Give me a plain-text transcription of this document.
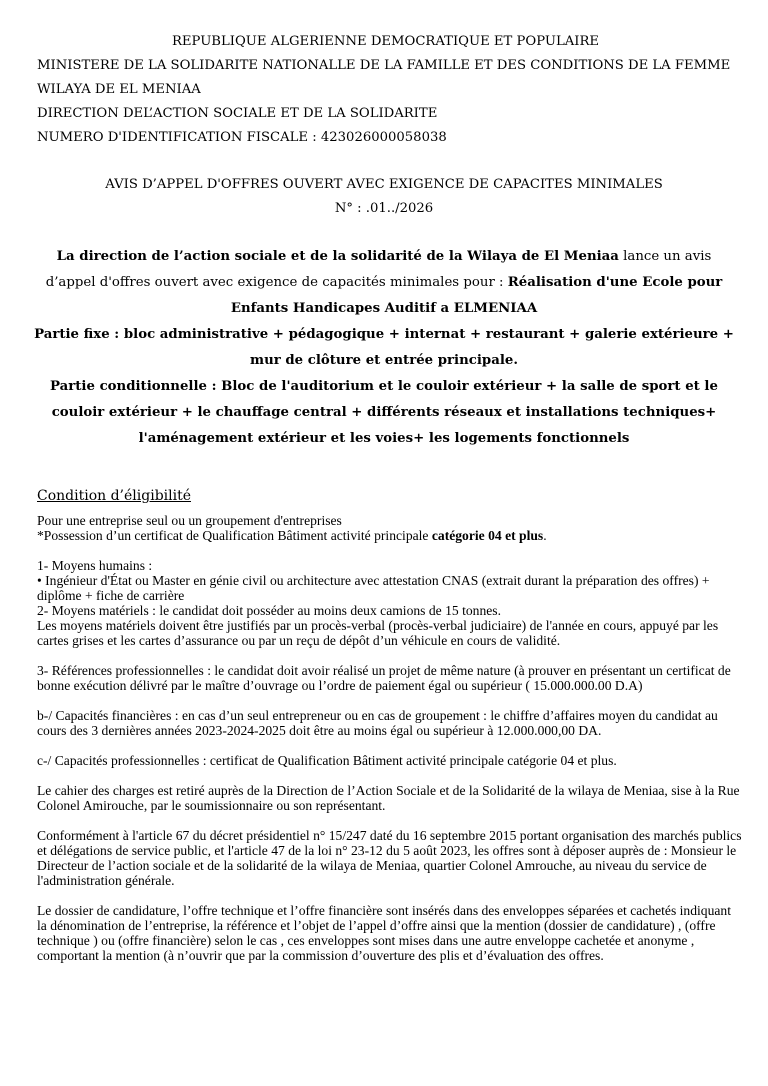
REPUBLIQUE ALGERIENNE DEMOCRATIQUE ET POPULAIRE
MINISTERE DE LA SOLIDARITE NATIONALLE DE LA FAMILLE ET DES CONDITIONS DE LA FEMME
WILAYA DE EL MENIAA
DIRECTION DEL’ACTION SOCIALE ET DE LA SOLIDARITE
NUMERO D'IDENTIFICATION FISCALE : 423026000058038
AVIS D’APPEL D'OFFRES OUVERT AVEC EXIGENCE DE CAPACITES MINIMALES
N° : .01../2026
La direction de l’action sociale et de la solidarité de la Wilaya de El Meniaa lance un avis d’appel d'offres ouvert avec exigence de capacités minimales pour : Réalisation d'une Ecole pour Enfants Handicapes Auditif a ELMENIAA
Partie fixe : bloc administrative + pédagogique + internat + restaurant + galerie extérieure + mur de clôture et entrée principale.
Partie conditionnelle : Bloc de l'auditorium et le couloir extérieur + la salle de sport et le couloir extérieur + le chauffage central + différents réseaux et installations techniques+ l'aménagement extérieur et les voies+ les logements fonctionnels
Condition d’éligibilité

Pour une entreprise seul ou un groupement d'entreprises

*Possession d’un certificat de Qualification Bâtiment activité principale catégorie 04 et plus.

1- Moyens humains :

• Ingénieur d'État ou Master en génie civil ou architecture avec attestation CNAS (extrait durant la préparation des offres) + diplôme + fiche de carrière

2- Moyens matériels : le candidat doit posséder au moins deux camions de 15 tonnes.

Les moyens matériels doivent être justifiés par un procès-verbal (procès-verbal judiciaire) de l'année en cours, appuyé par les cartes grises et les cartes d’assurance ou par un reçu de dépôt d’un véhicule en cours de validité.

3- Références professionnelles : le candidat doit avoir réalisé un projet de même nature (à prouver en présentant un certificat de bonne exécution délivré par le maître d’ouvrage ou l’ordre de paiement égal ou supérieur ( 15.000.000.00 D.A)

b-/ Capacités financières : en cas d’un seul entrepreneur ou en cas de groupement : le chiffre d’affaires moyen du candidat au cours des 3 dernières années 2023-2024-2025 doit être au moins égal ou supérieur à 12.000.000,00 DA.

c-/ Capacités professionnelles : certificat de Qualification Bâtiment activité principale catégorie 04 et plus.

Le cahier des charges est retiré auprès de la Direction de l’Action Sociale et de la Solidarité de la wilaya de Meniaa, sise à la Rue Colonel Amirouche, par le soumissionnaire ou son représentant.

Conformément à l'article 67 du décret présidentiel n° 15/247 daté du 16 septembre 2015 portant organisation des marchés publics et délégations de service public, et l'article 47 de la loi n° 23-12 du 5 août 2023, les offres sont à déposer auprès de : Monsieur le Directeur de l’action sociale et de la solidarité de la wilaya de Meniaa, quartier Colonel Amrouche, au niveau du service de l'administration générale.

Le dossier de candidature, l’offre technique et l’offre financière sont insérés dans des enveloppes séparées et cachetés indiquant la dénomination de l’entreprise, la référence et l’objet de l’appel d’offre ainsi que la mention (dossier de candidature) , (offre technique ) ou (offre financière) selon le cas , ces enveloppes sont mises dans une autre enveloppe cachetée et anonyme , comportant la mention (à n’ouvrir que par la commission d’ouverture des plis et d’évaluation des offres.
